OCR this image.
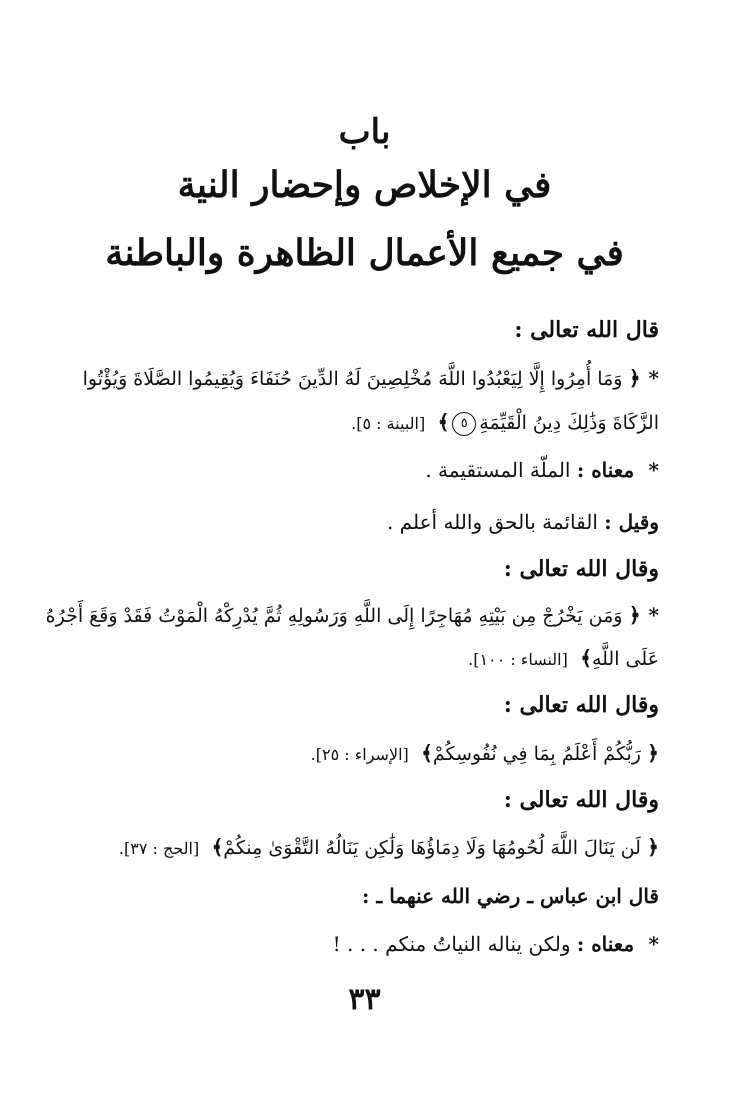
باب
في الإخلاص وإحضار النية
في جميع الأعمال الظاهرة والباطنة
قال الله تعالى :
*﴿ وَمَا أُمِرُوا إِلَّا لِيَعْبُدُوا اللَّهَ مُخْلِصِينَ لَهُ الدِّينَ حُنَفَاءَ وَيُقِيمُوا الصَّلَاةَ وَيُؤْتُوا
الزَّكَاةَ وَذَٰلِكَ دِينُ الْقَيِّمَةِ٥﴾ [البينة : ٥].
* معناه : الملّة المستقيمة .
وقيل : القائمة بالحق والله أعلم .
وقال الله تعالى :
*﴿ وَمَن يَخْرُجْ مِن بَيْتِهِ مُهَاجِرًا إِلَى اللَّهِ وَرَسُولِهِ ثُمَّ يُدْرِكْهُ الْمَوْتُ فَقَدْ وَقَعَ أَجْرُهُ
عَلَى اللَّهِ﴾ [النساء : ١٠٠].
وقال الله تعالى :
﴿ رَبُّكُمْ أَعْلَمُ بِمَا فِي نُفُوسِكُمْ﴾ [الإسراء : ٢٥].
وقال الله تعالى :
﴿ لَن يَنَالَ اللَّهَ لُحُومُهَا وَلَا دِمَاؤُهَا وَلَٰكِن يَنَالُهُ التَّقْوَىٰ مِنكُمْ﴾ [الحج : ٣٧].
قال ابن عباس ـ رضي الله عنهما ـ :
* معناه : ولكن يناله النياتُ منكم . . . !
٣٣
